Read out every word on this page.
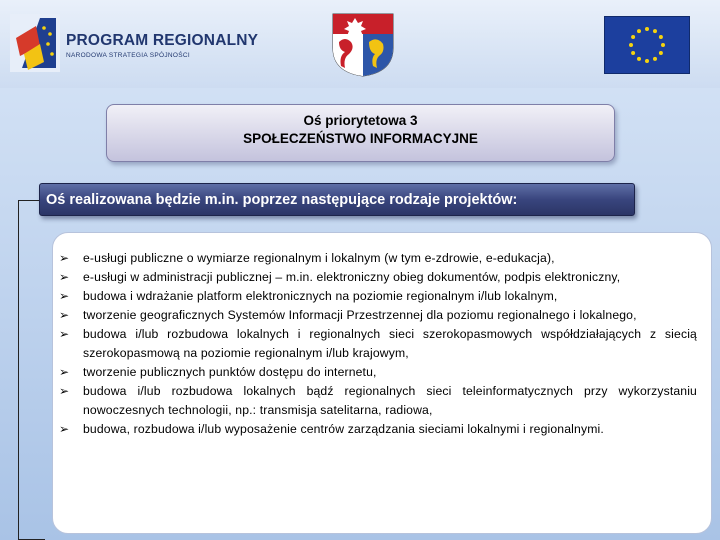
PROGRAM REGIONALNY
NARODOWA STRATEGIA SPÓJNOŚCI
Oś priorytetowa 3
SPOŁECZEŃSTWO INFORMACYJNE
Oś realizowana będzie m.in. poprzez następujące rodzaje projektów:
➢ e-usługi publiczne o wymiarze regionalnym i lokalnym (w tym e-zdrowie, e-edukacja),
➢ e-usługi w administracji publicznej – m.in. elektroniczny obieg dokumentów, podpis elektroniczny,
➢ budowa i wdrażanie platform elektronicznych na poziomie regionalnym i/lub lokalnym,
➢ tworzenie geograficznych Systemów Informacji Przestrzennej dla poziomu regionalnego i lokalnego,
➢ budowa i/lub rozbudowa lokalnych i regionalnych sieci szerokopasmowych współdziałających z siecią szerokopasmową na poziomie regionalnym i/lub krajowym,
➢ tworzenie publicznych punktów dostępu do internetu,
➢ budowa i/lub rozbudowa lokalnych bądź regionalnych sieci teleinformatycznych przy wykorzystaniu nowoczesnych technologii, np.: transmisja satelitarna, radiowa,
➢ budowa, rozbudowa i/lub wyposażenie centrów zarządzania sieciami lokalnymi i regionalnymi.
